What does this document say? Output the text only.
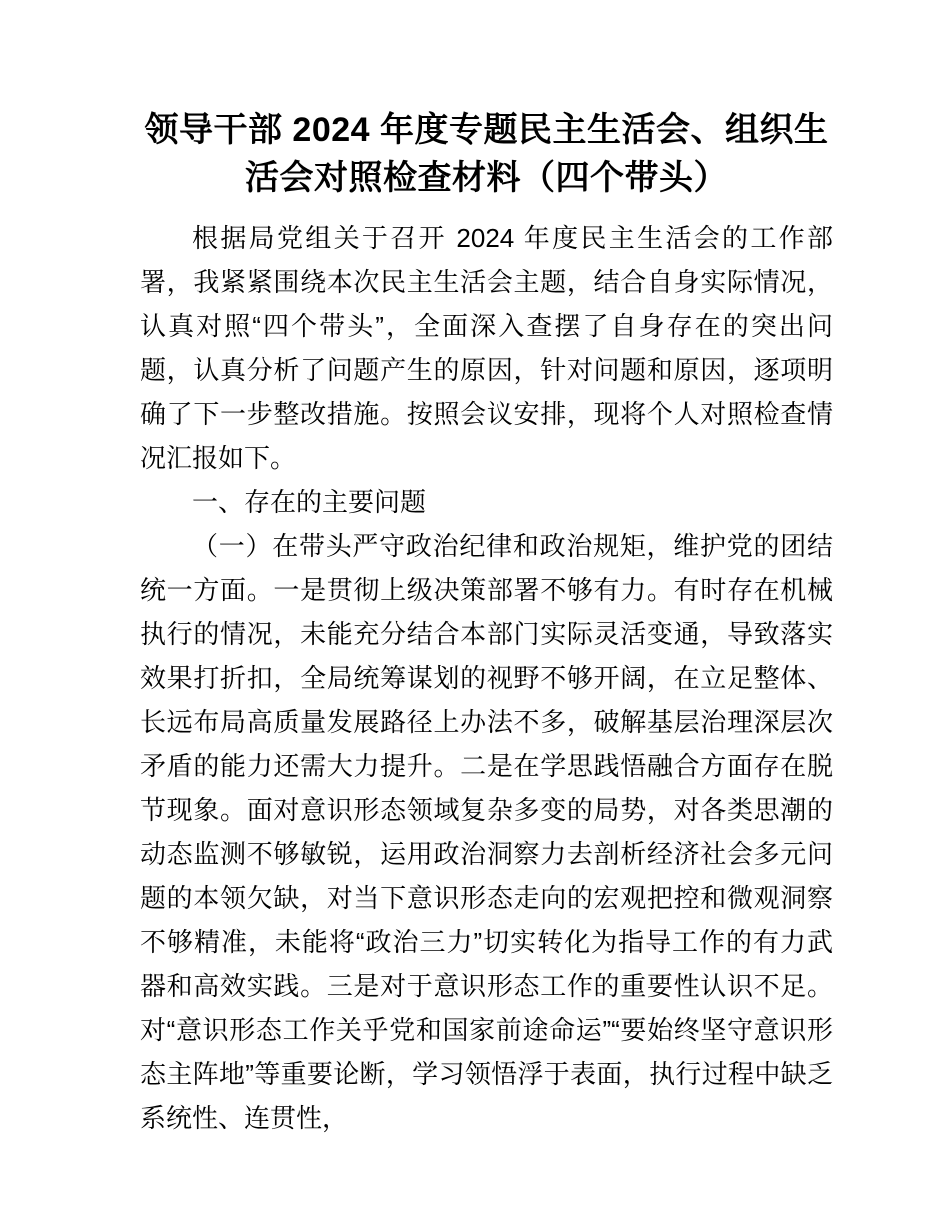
领导干部 2024 年度专题民主生活会、组织生活会对照检查材料（四个带头）

根据局党组关于召开 2024 年度民主生活会的工作部署，我紧紧围绕本次民主生活会主题，结合自身实际情况，认真对照“四个带头”，全面深入查摆了自身存在的突出问题，认真分析了问题产生的原因，针对问题和原因，逐项明确了下一步整改措施。按照会议安排，现将个人对照检查情况汇报如下。

一、存在的主要问题

（一）在带头严守政治纪律和政治规矩，维护党的团结统一方面。一是贯彻上级决策部署不够有力。有时存在机械执行的情况，未能充分结合本部门实际灵活变通，导致落实效果打折扣，全局统筹谋划的视野不够开阔，在立足整体、长远布局高质量发展路径上办法不多，破解基层治理深层次矛盾的能力还需大力提升。二是在学思践悟融合方面存在脱节现象。面对意识形态领域复杂多变的局势，对各类思潮的动态监测不够敏锐，运用政治洞察力去剖析经济社会多元问题的本领欠缺，对当下意识形态走向的宏观把控和微观洞察不够精准，未能将“政治三力”切实转化为指导工作的有力武器和高效实践。三是对于意识形态工作的重要性认识不足。对“意识形态工作关乎党和国家前途命运”“要始终坚守意识形态主阵地”等重要论断，学习领悟浮于表面，执行过程中缺乏系统性、连贯性，
